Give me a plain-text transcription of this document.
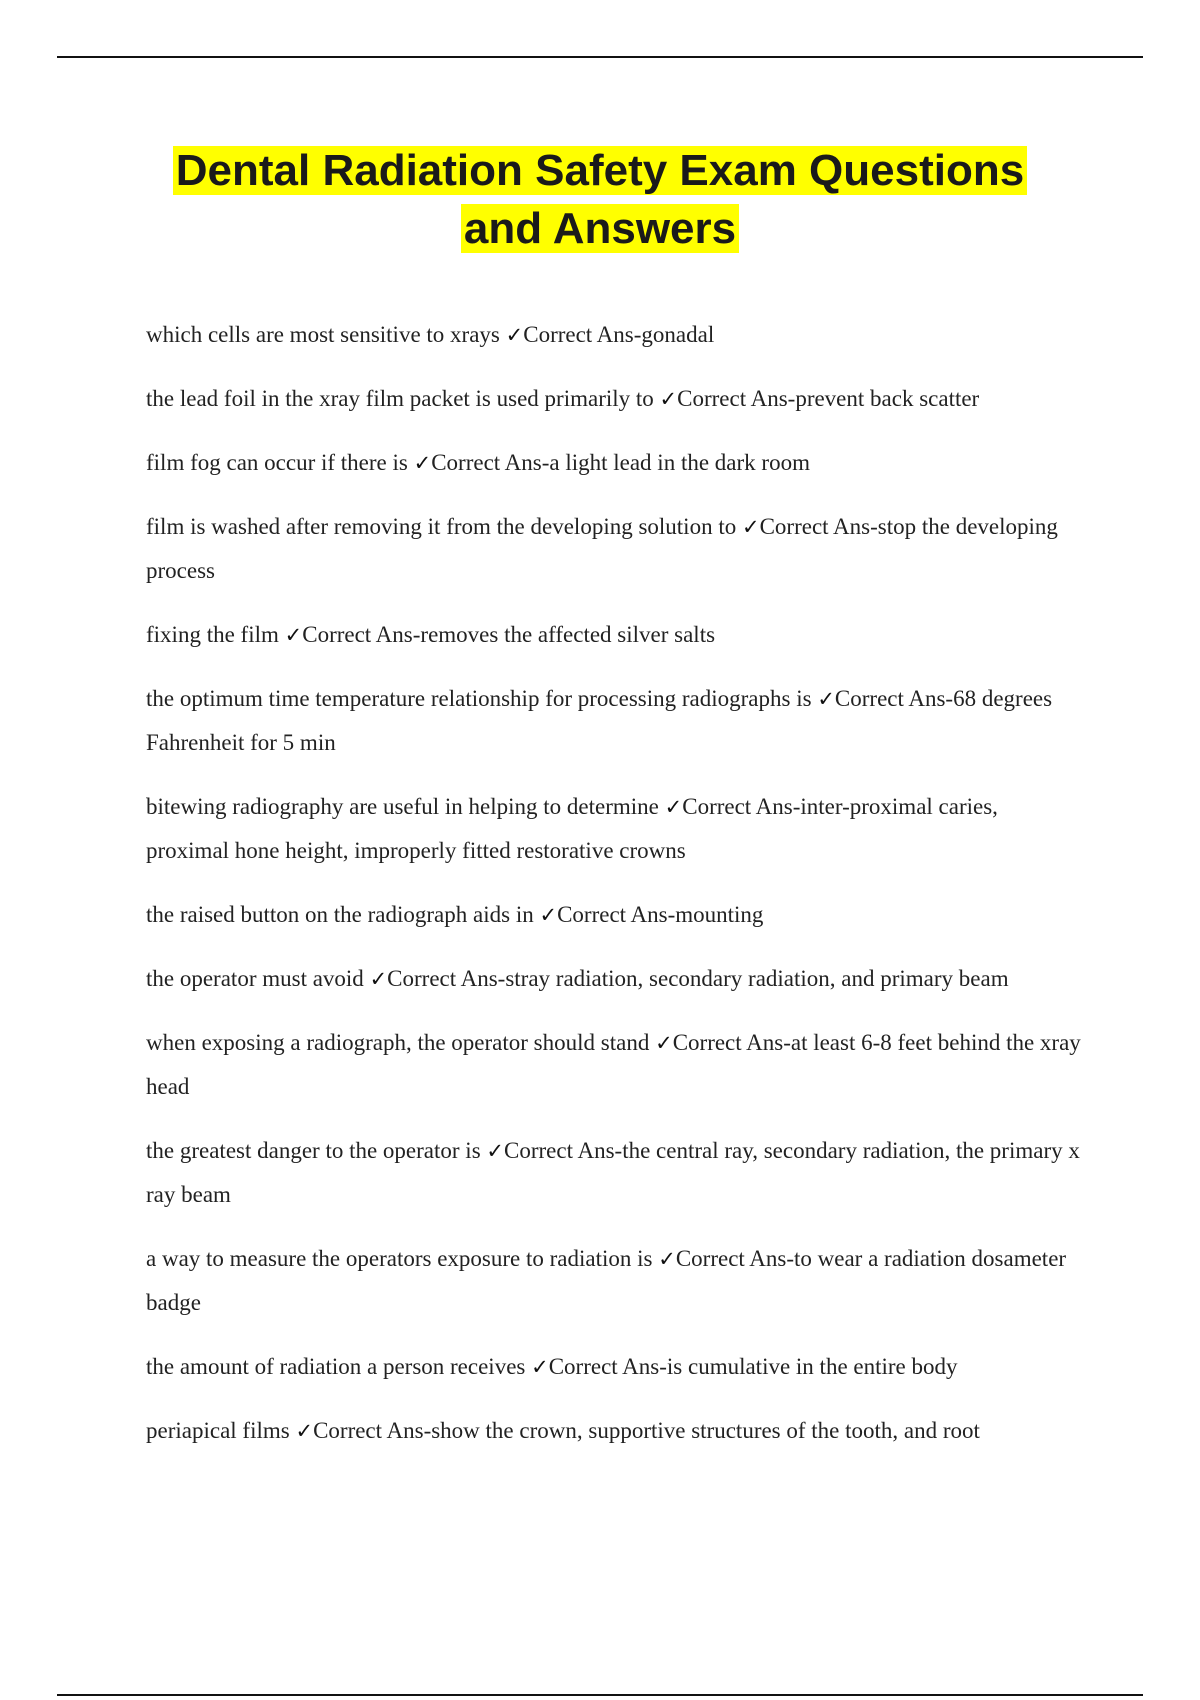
Dental Radiation Safety Exam Questions
and Answers
which cells are most sensitive to xrays ✓Correct Ans-gonadal
the lead foil in the xray film packet is used primarily to ✓Correct Ans-prevent back scatter
film fog can occur if there is ✓Correct Ans-a light lead in the dark room
film is washed after removing it from the developing solution to ✓Correct Ans-stop the developing process
fixing the film ✓Correct Ans-removes the affected silver salts
the optimum time temperature relationship for processing radiographs is ✓Correct Ans-68 degrees Fahrenheit for 5 min
bitewing radiography are useful in helping to determine ✓Correct Ans-inter-proximal caries, proximal hone height, improperly fitted restorative crowns
the raised button on the radiograph aids in ✓Correct Ans-mounting
the operator must avoid ✓Correct Ans-stray radiation, secondary radiation, and primary beam
when exposing a radiograph, the operator should stand ✓Correct Ans-at least 6-8 feet behind the xray head
the greatest danger to the operator is ✓Correct Ans-the central ray, secondary radiation, the primary x ray beam
a way to measure the operators exposure to radiation is ✓Correct Ans-to wear a radiation dosameter badge
the amount of radiation a person receives ✓Correct Ans-is cumulative in the entire body
periapical films ✓Correct Ans-show the crown, supportive structures of the tooth, and root
